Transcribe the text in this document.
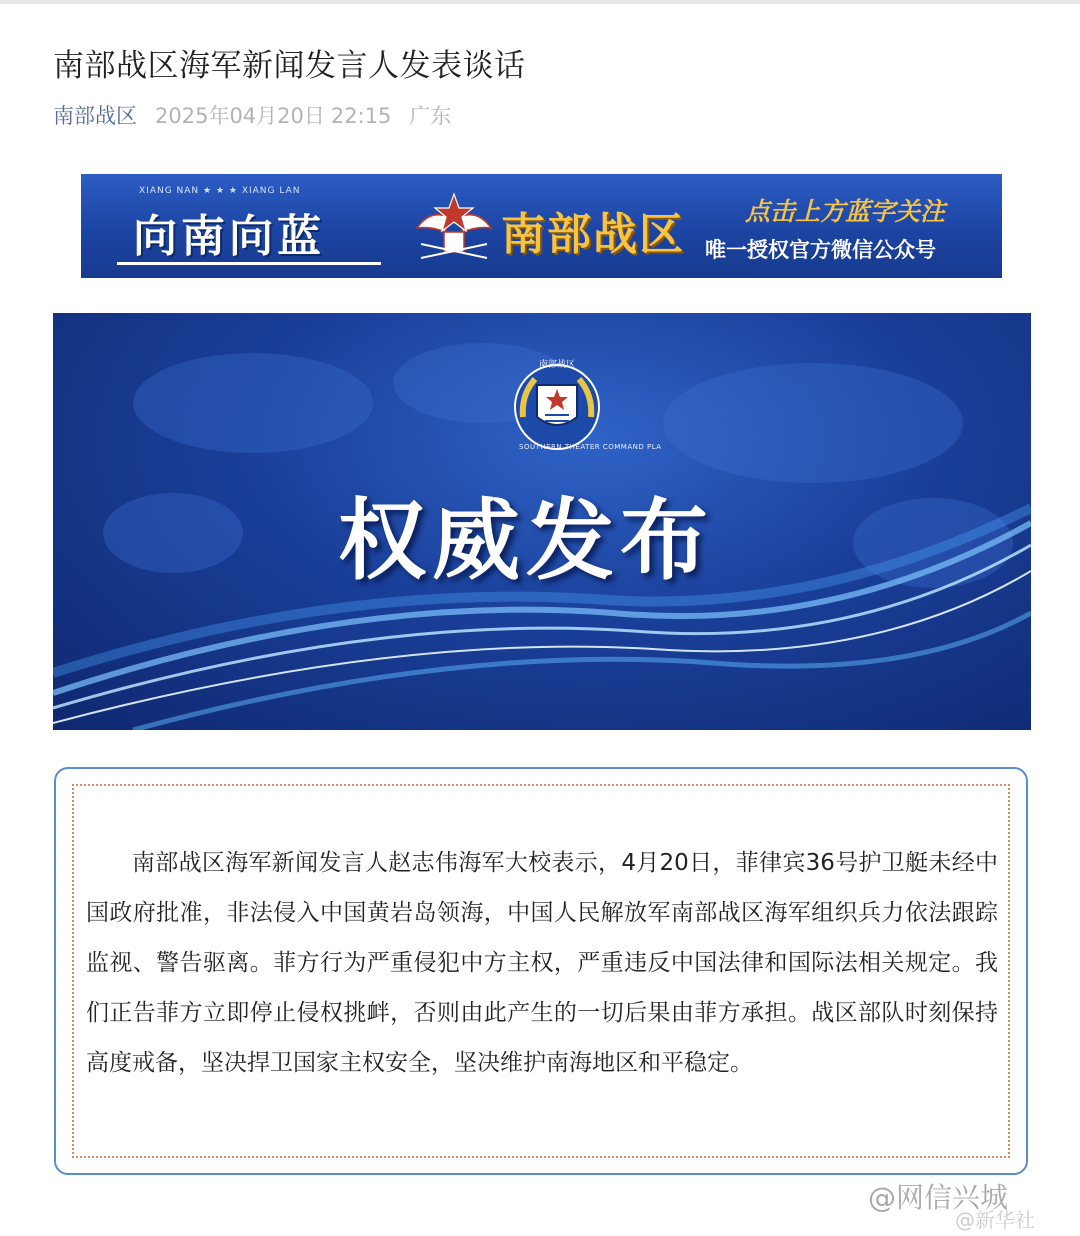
南部战区海军新闻发言人发表谈话
南部战区 2025年04月20日 22:15 广东
XIANG NAN ★ ★ ★ XIANG LAN
向南向蓝	南部战区 点击上方蓝字关注
唯一授权官方微信公众号
南部战区
SOUTHERN THEATER COMMAND PLA
权威发布
南部战区海军新闻发言人赵志伟海军大校表示，4月20日，菲律宾36号护卫艇未经中国政府批准，非法侵入中国黄岩岛领海，中国人民解放军南部战区海军组织兵力依法跟踪监视、警告驱离。菲方行为严重侵犯中方主权，严重违反中国法律和国际法相关规定。我们正告菲方立即停止侵权挑衅，否则由此产生的一切后果由菲方承担。战区部队时刻保持高度戒备，坚决捍卫国家主权安全，坚决维护南海地区和平稳定。
@网信兴城
@新华社
